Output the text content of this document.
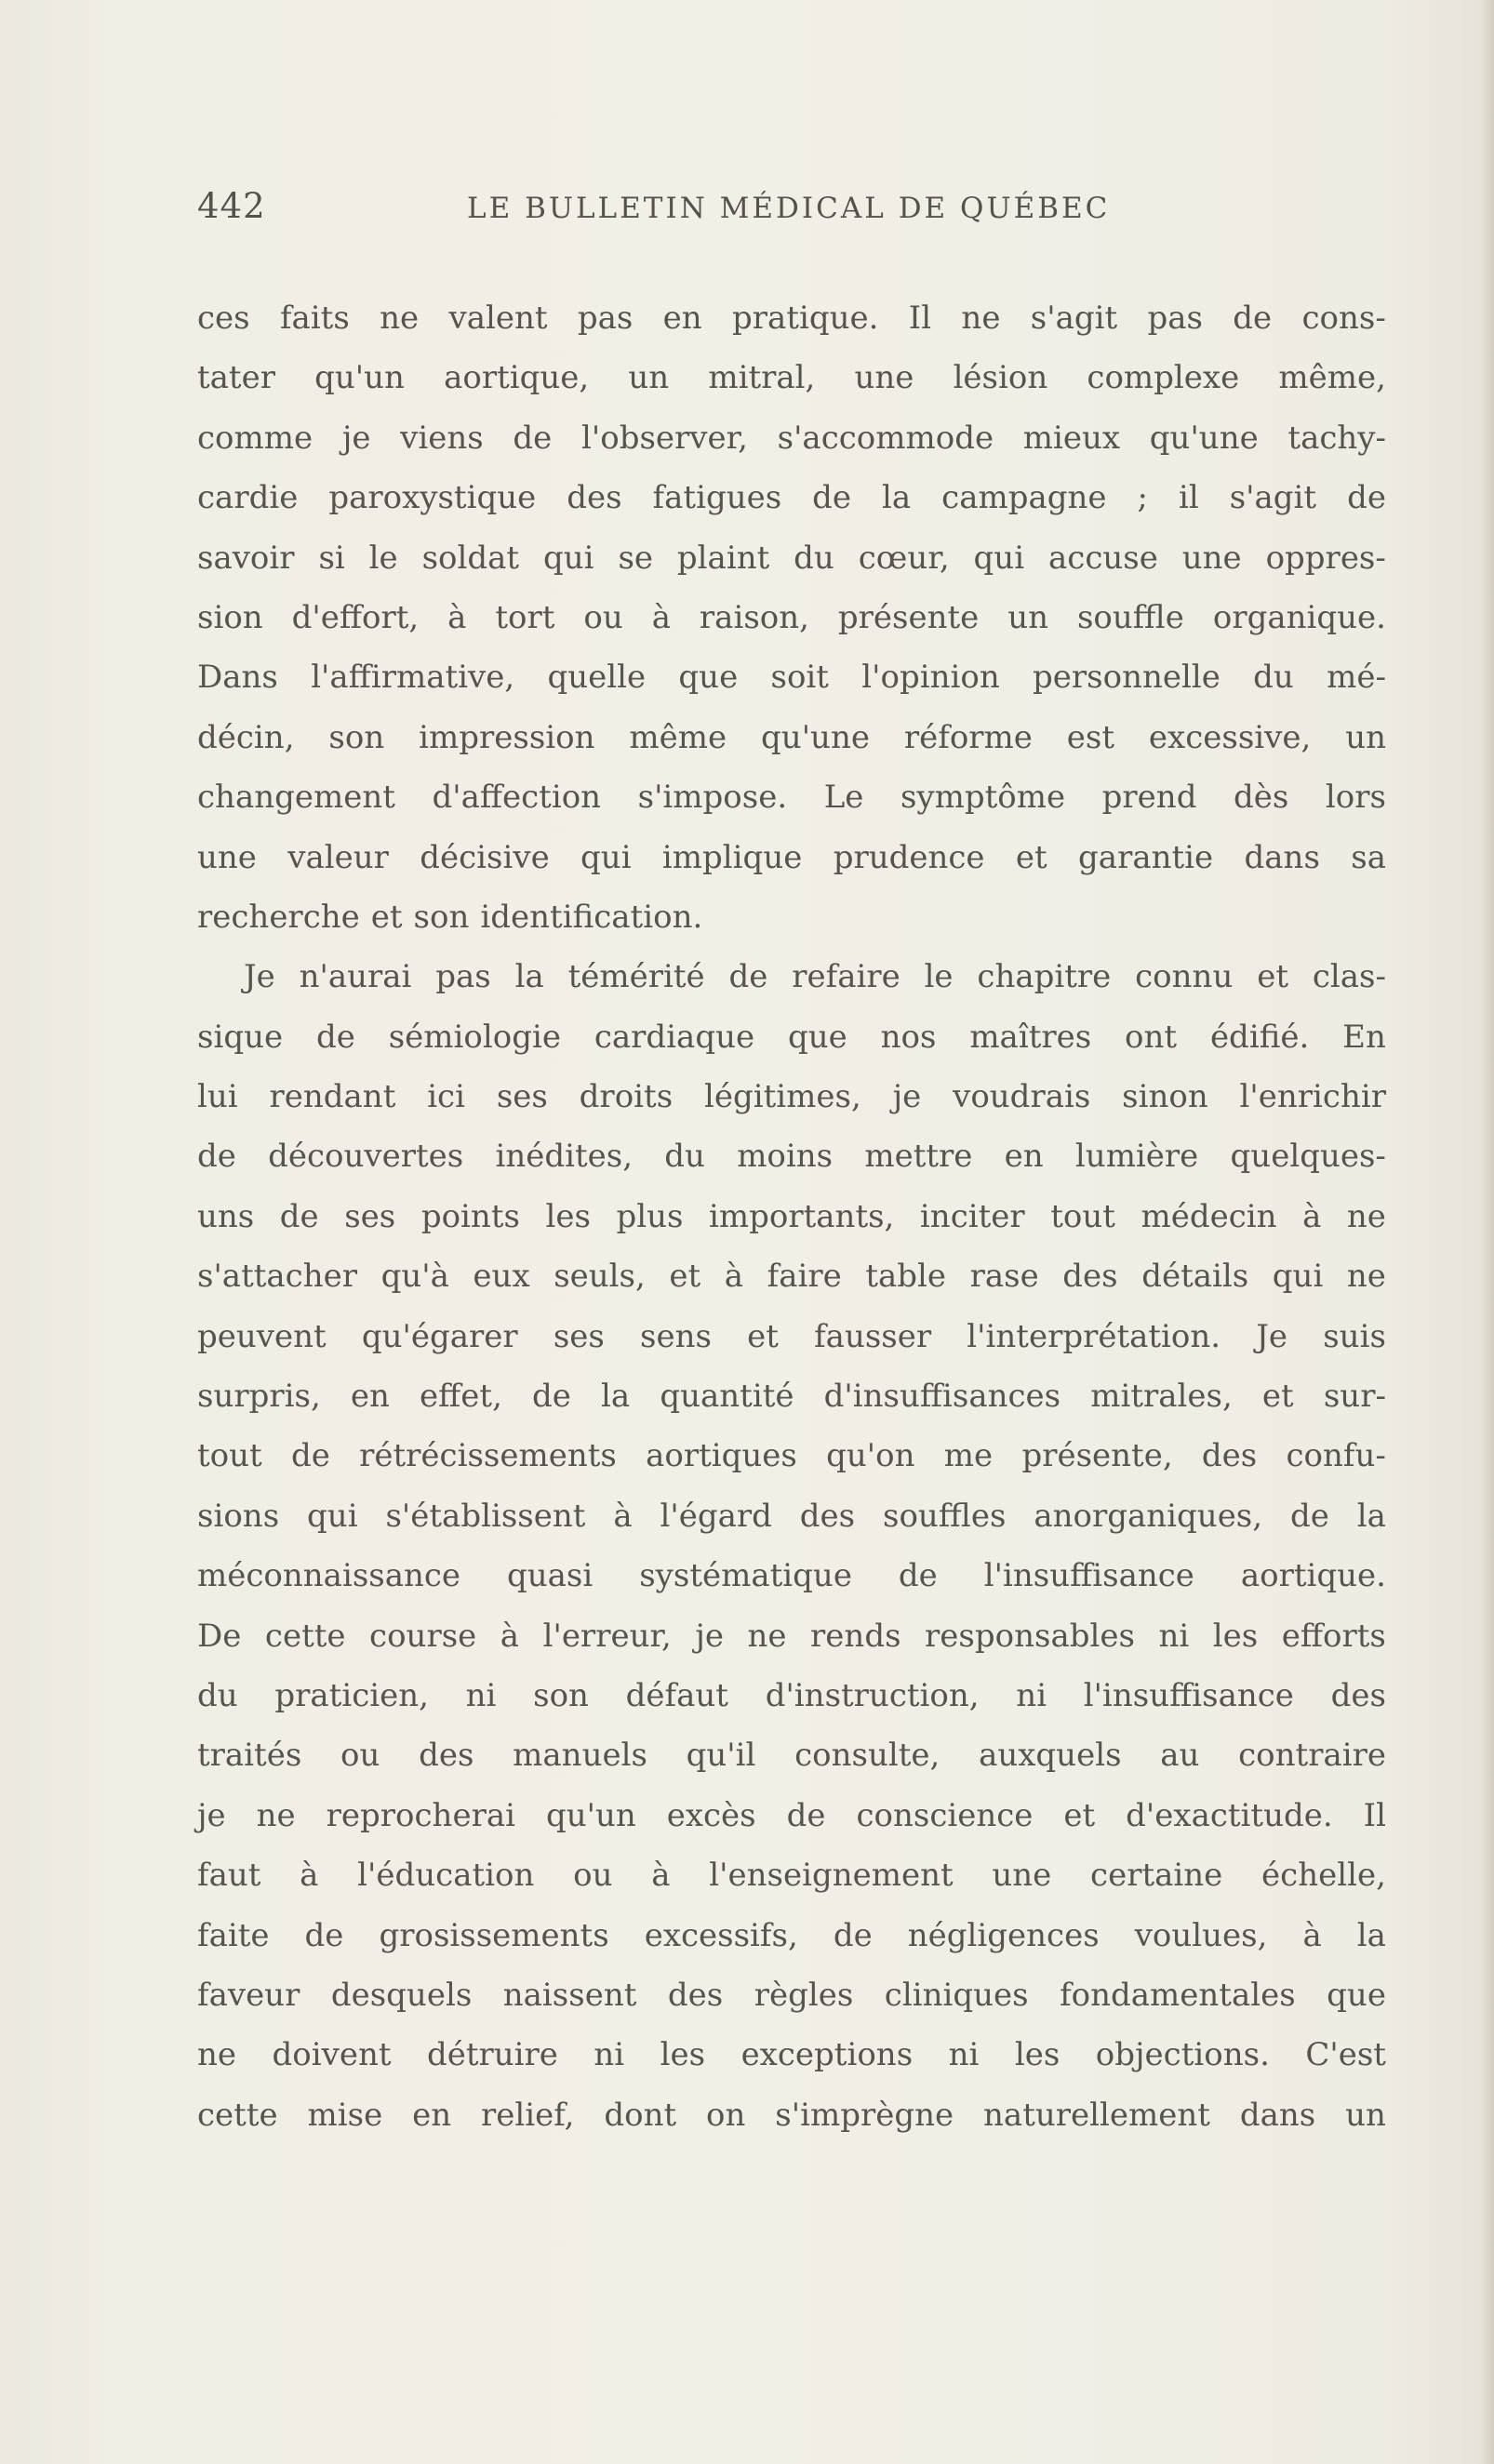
442	LE BULLETIN MÉDICAL DE QUÉBEC
ces faits ne valent pas en pratique. Il ne s'agit pas de cons-
tater qu'un aortique, un mitral, une lésion complexe même,
comme je viens de l'observer, s'accommode mieux qu'une tachy-
cardie paroxystique des fatigues de la campagne ; il s'agit de
savoir si le soldat qui se plaint du cœur, qui accuse une oppres-
sion d'effort, à tort ou à raison, présente un souffle organique.
Dans l'affirmative, quelle que soit l'opinion personnelle du mé-
décin, son impression même qu'une réforme est excessive, un
changement d'affection s'impose. Le symptôme prend dès lors
une valeur décisive qui implique prudence et garantie dans sa
recherche et son identification.
Je n'aurai pas la témérité de refaire le chapitre connu et clas-
sique de sémiologie cardiaque que nos maîtres ont édifié. En
lui rendant ici ses droits légitimes, je voudrais sinon l'enrichir
de découvertes inédites, du moins mettre en lumière quelques-
uns de ses points les plus importants, inciter tout médecin à ne
s'attacher qu'à eux seuls, et à faire table rase des détails qui ne
peuvent qu'égarer ses sens et fausser l'interprétation. Je suis
surpris, en effet, de la quantité d'insuffisances mitrales, et sur-
tout de rétrécissements aortiques qu'on me présente, des confu-
sions qui s'établissent à l'égard des souffles anorganiques, de la
méconnaissance quasi systématique de l'insuffisance aortique.
De cette course à l'erreur, je ne rends responsables ni les efforts
du praticien, ni son défaut d'instruction, ni l'insuffisance des
traités ou des manuels qu'il consulte, auxquels au contraire
je ne reprocherai qu'un excès de conscience et d'exactitude. Il
faut à l'éducation ou à l'enseignement une certaine échelle,
faite de grosissements excessifs, de négligences voulues, à la
faveur desquels naissent des règles cliniques fondamentales que
ne doivent détruire ni les exceptions ni les objections. C'est
cette mise en relief, dont on s'imprègne naturellement dans un
